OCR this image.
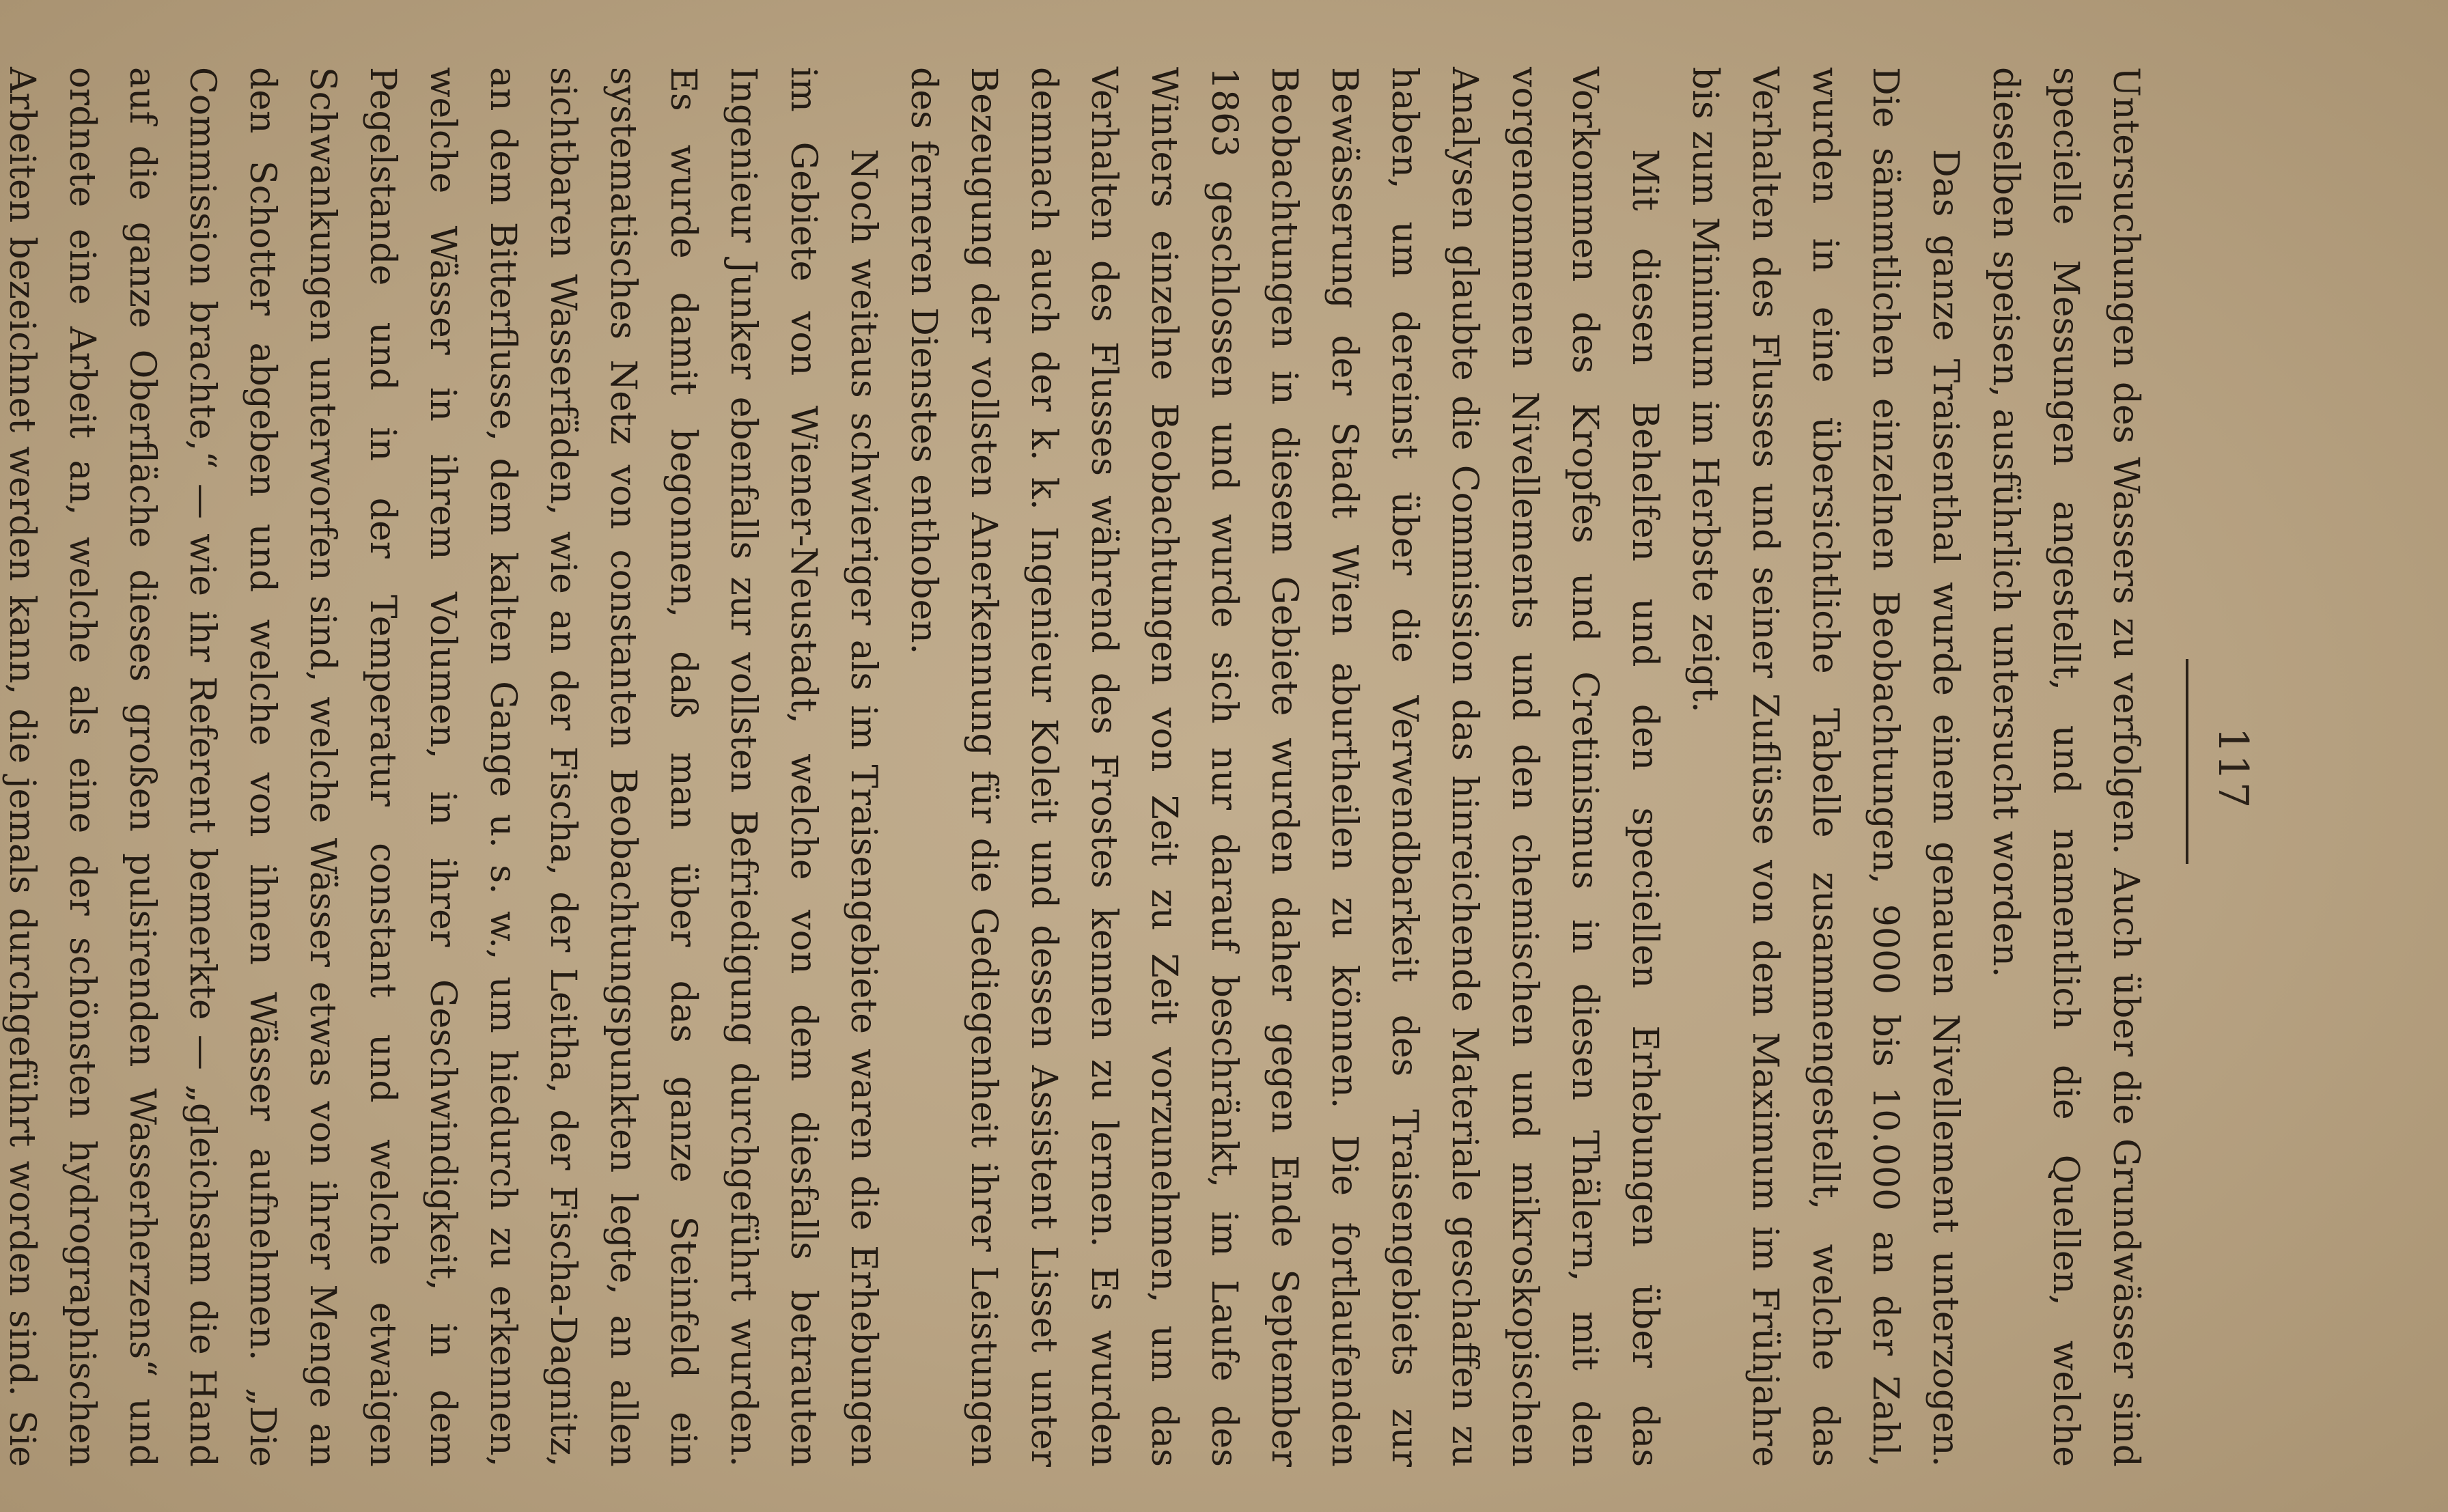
117

Untersuchungen des Wassers zu verfolgen. Auch über die Grundwässer sind specielle Messungen angestellt, und namentlich die Quellen, welche dieselben speisen, ausführlich untersucht worden.

Das ganze Traisenthal wurde einem genauen Nivellement unterzogen. Die sämmtlichen einzelnen Beobachtungen, 9000 bis 10.000 an der Zahl, wurden in eine übersichtliche Tabelle zusammengestellt, welche das Verhalten des Flusses und seiner Zuflüsse von dem Maximum im Frühjahre bis zum Minimum im Herbste zeigt.

Mit diesen Behelfen und den speciellen Erhebungen über das Vorkommen des Kropfes und Cretinismus in diesen Thälern, mit den vorgenommenen Nivellements und den chemischen und mikroskopischen Analysen glaubte die Commission das hinreichende Materiale geschaffen zu haben, um dereinst über die Verwendbarkeit des Traisengebiets zur Bewässerung der Stadt Wien aburtheilen zu können. Die fortlaufenden Beobachtungen in diesem Gebiete wurden daher gegen Ende September 1863 geschlossen und wurde sich nur darauf beschränkt, im Laufe des Winters einzelne Beobachtungen von Zeit zu Zeit vorzunehmen, um das Verhalten des Flusses während des Frostes kennen zu lernen. Es wurden demnach auch der k. k. Ingenieur Koleit und dessen Assistent Lisset unter Bezeugung der vollsten Anerkennung für die Gediegenheit ihrer Leistungen des ferneren Dienstes enthoben.

Noch weitaus schwieriger als im Traisengebiete waren die Erhebungen im Gebiete von Wiener-Neustadt, welche von dem diesfalls betrauten Ingenieur Junker ebenfalls zur vollsten Befriedigung durchgeführt wurden. Es wurde damit begonnen, daß man über das ganze Steinfeld ein systematisches Netz von constanten Beobachtungspunkten legte, an allen sichtbaren Wasserfäden, wie an der Fischa, der Leitha, der Fischa-Dagnitz, an dem Bitterflusse, dem kalten Gange u. s. w., um hiedurch zu erkennen, welche Wässer in ihrem Volumen, in ihrer Geschwindigkeit, in dem Pegelstande und in der Temperatur constant und welche etwaigen Schwankungen unterworfen sind, welche Wässer etwas von ihrer Menge an den Schotter abgeben und welche von ihnen Wässer aufnehmen. „Die Commission brachte,“ — wie ihr Referent bemerkte — „gleichsam die Hand auf die ganze Oberfläche dieses großen pulsirenden Wasserherzens“ und ordnete eine Arbeit an, welche als eine der schönsten hydrographischen Arbeiten bezeichnet werden kann, die jemals durchgeführt worden sind. Sie
